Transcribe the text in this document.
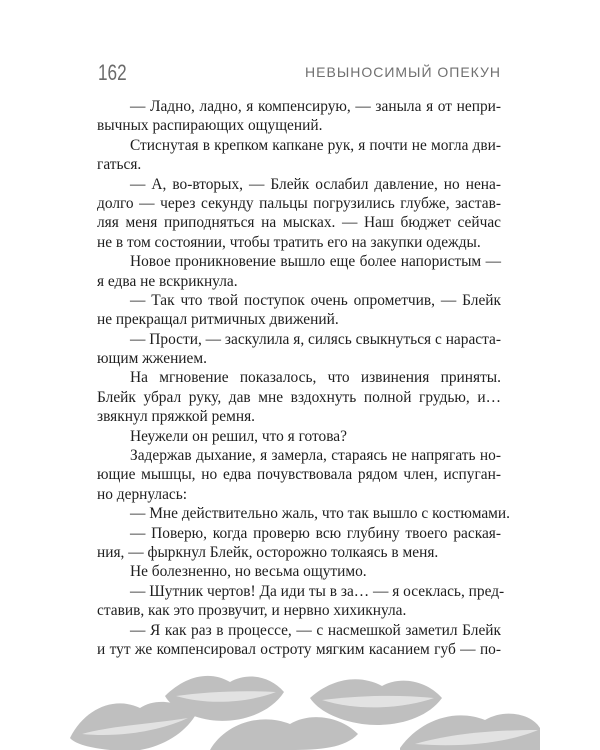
162	НЕВЫНОСИМЫЙ ОПЕКУН
— Ладно, ладно, я компенсирую, — заныла я от непри-
вычных распирающих ощущений.
Стиснутая в крепком капкане рук, я почти не могла дви-
гаться.
— А, во-вторых, — Блейк ослабил давление, но нена-
долго — через секунду пальцы погрузились глубже, застав-
ляя меня приподняться на мысках. — Наш бюджет сейчас
не в том состоянии, чтобы тратить его на закупки одежды.
Новое проникновение вышло еще более напористым —
я едва не вскрикнула.
— Так что твой поступок очень опрометчив, — Блейк
не прекращал ритмичных движений.
— Прости, — заскулила я, силясь свыкнуться с нараста-
ющим жжением.
На мгновение показалось, что извинения приняты.
Блейк убрал руку, дав мне вздохнуть полной грудью, и…
звякнул пряжкой ремня.
Неужели он решил, что я готова?
Задержав дыхание, я замерла, стараясь не напрягать но-
ющие мышцы, но едва почувствовала рядом член, испуган-
но дернулась:
— Мне действительно жаль, что так вышло с костюмами.
— Поверю, когда проверю всю глубину твоего раская-
ния, — фыркнул Блейк, осторожно толкаясь в меня.
Не болезненно, но весьма ощутимо.
— Шутник чертов! Да иди ты в за… — я осеклась, пред-
ставив, как это прозвучит, и нервно хихикнула.
— Я как раз в процессе, — с насмешкой заметил Блейк
и тут же компенсировал остроту мягким касанием губ — по-
